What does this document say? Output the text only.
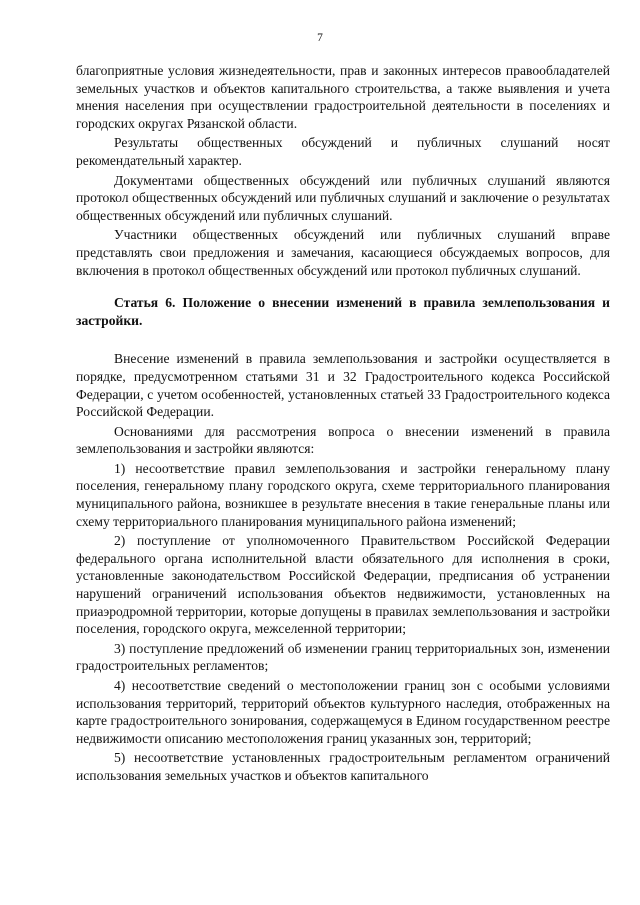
7

благоприятные условия жизнедеятельности, прав и законных интересов правообладателей земельных участков и объектов капитального строительства, а также выявления и учета мнения населения при осуществлении градостроительной деятельности в поселениях и городских округах Рязанской области.

Результаты общественных обсуждений и публичных слушаний носят рекомендательный характер.

Документами общественных обсуждений или публичных слушаний являются протокол общественных обсуждений или публичных слушаний и заключение о результатах общественных обсуждений или публичных слушаний.

Участники общественных обсуждений или публичных слушаний вправе представлять свои предложения и замечания, касающиеся обсуждаемых вопросов, для включения в протокол общественных обсуждений или протокол публичных слушаний.

Статья 6. Положение о внесении изменений в правила землепользования и застройки.

Внесение изменений в правила землепользования и застройки осуществляется в порядке, предусмотренном статьями 31 и 32 Градостроительного кодекса Российской Федерации, с учетом особенностей, установленных статьей 33 Градостроительного кодекса Российской Федерации.

Основаниями для рассмотрения вопроса о внесении изменений в правила землепользования и застройки являются:

1) несоответствие правил землепользования и застройки генеральному плану поселения, генеральному плану городского округа, схеме территориального планирования муниципального района, возникшее в результате внесения в такие генеральные планы или схему территориального планирования муниципального района изменений;

2) поступление от уполномоченного Правительством Российской Федерации федерального органа исполнительной власти обязательного для исполнения в сроки, установленные законодательством Российской Федерации, предписания об устранении нарушений ограничений использования объектов недвижимости, установленных на приаэродромной территории, которые допущены в правилах землепользования и застройки поселения, городского округа, межселенной территории;

3) поступление предложений об изменении границ территориальных зон, изменении градостроительных регламентов;

4) несоответствие сведений о местоположении границ зон с особыми условиями использования территорий, территорий объектов культурного наследия, отображенных на карте градостроительного зонирования, содержащемуся в Едином государственном реестре недвижимости описанию местоположения границ указанных зон, территорий;

5) несоответствие установленных градостроительным регламентом ограничений использования земельных участков и объектов капитального
